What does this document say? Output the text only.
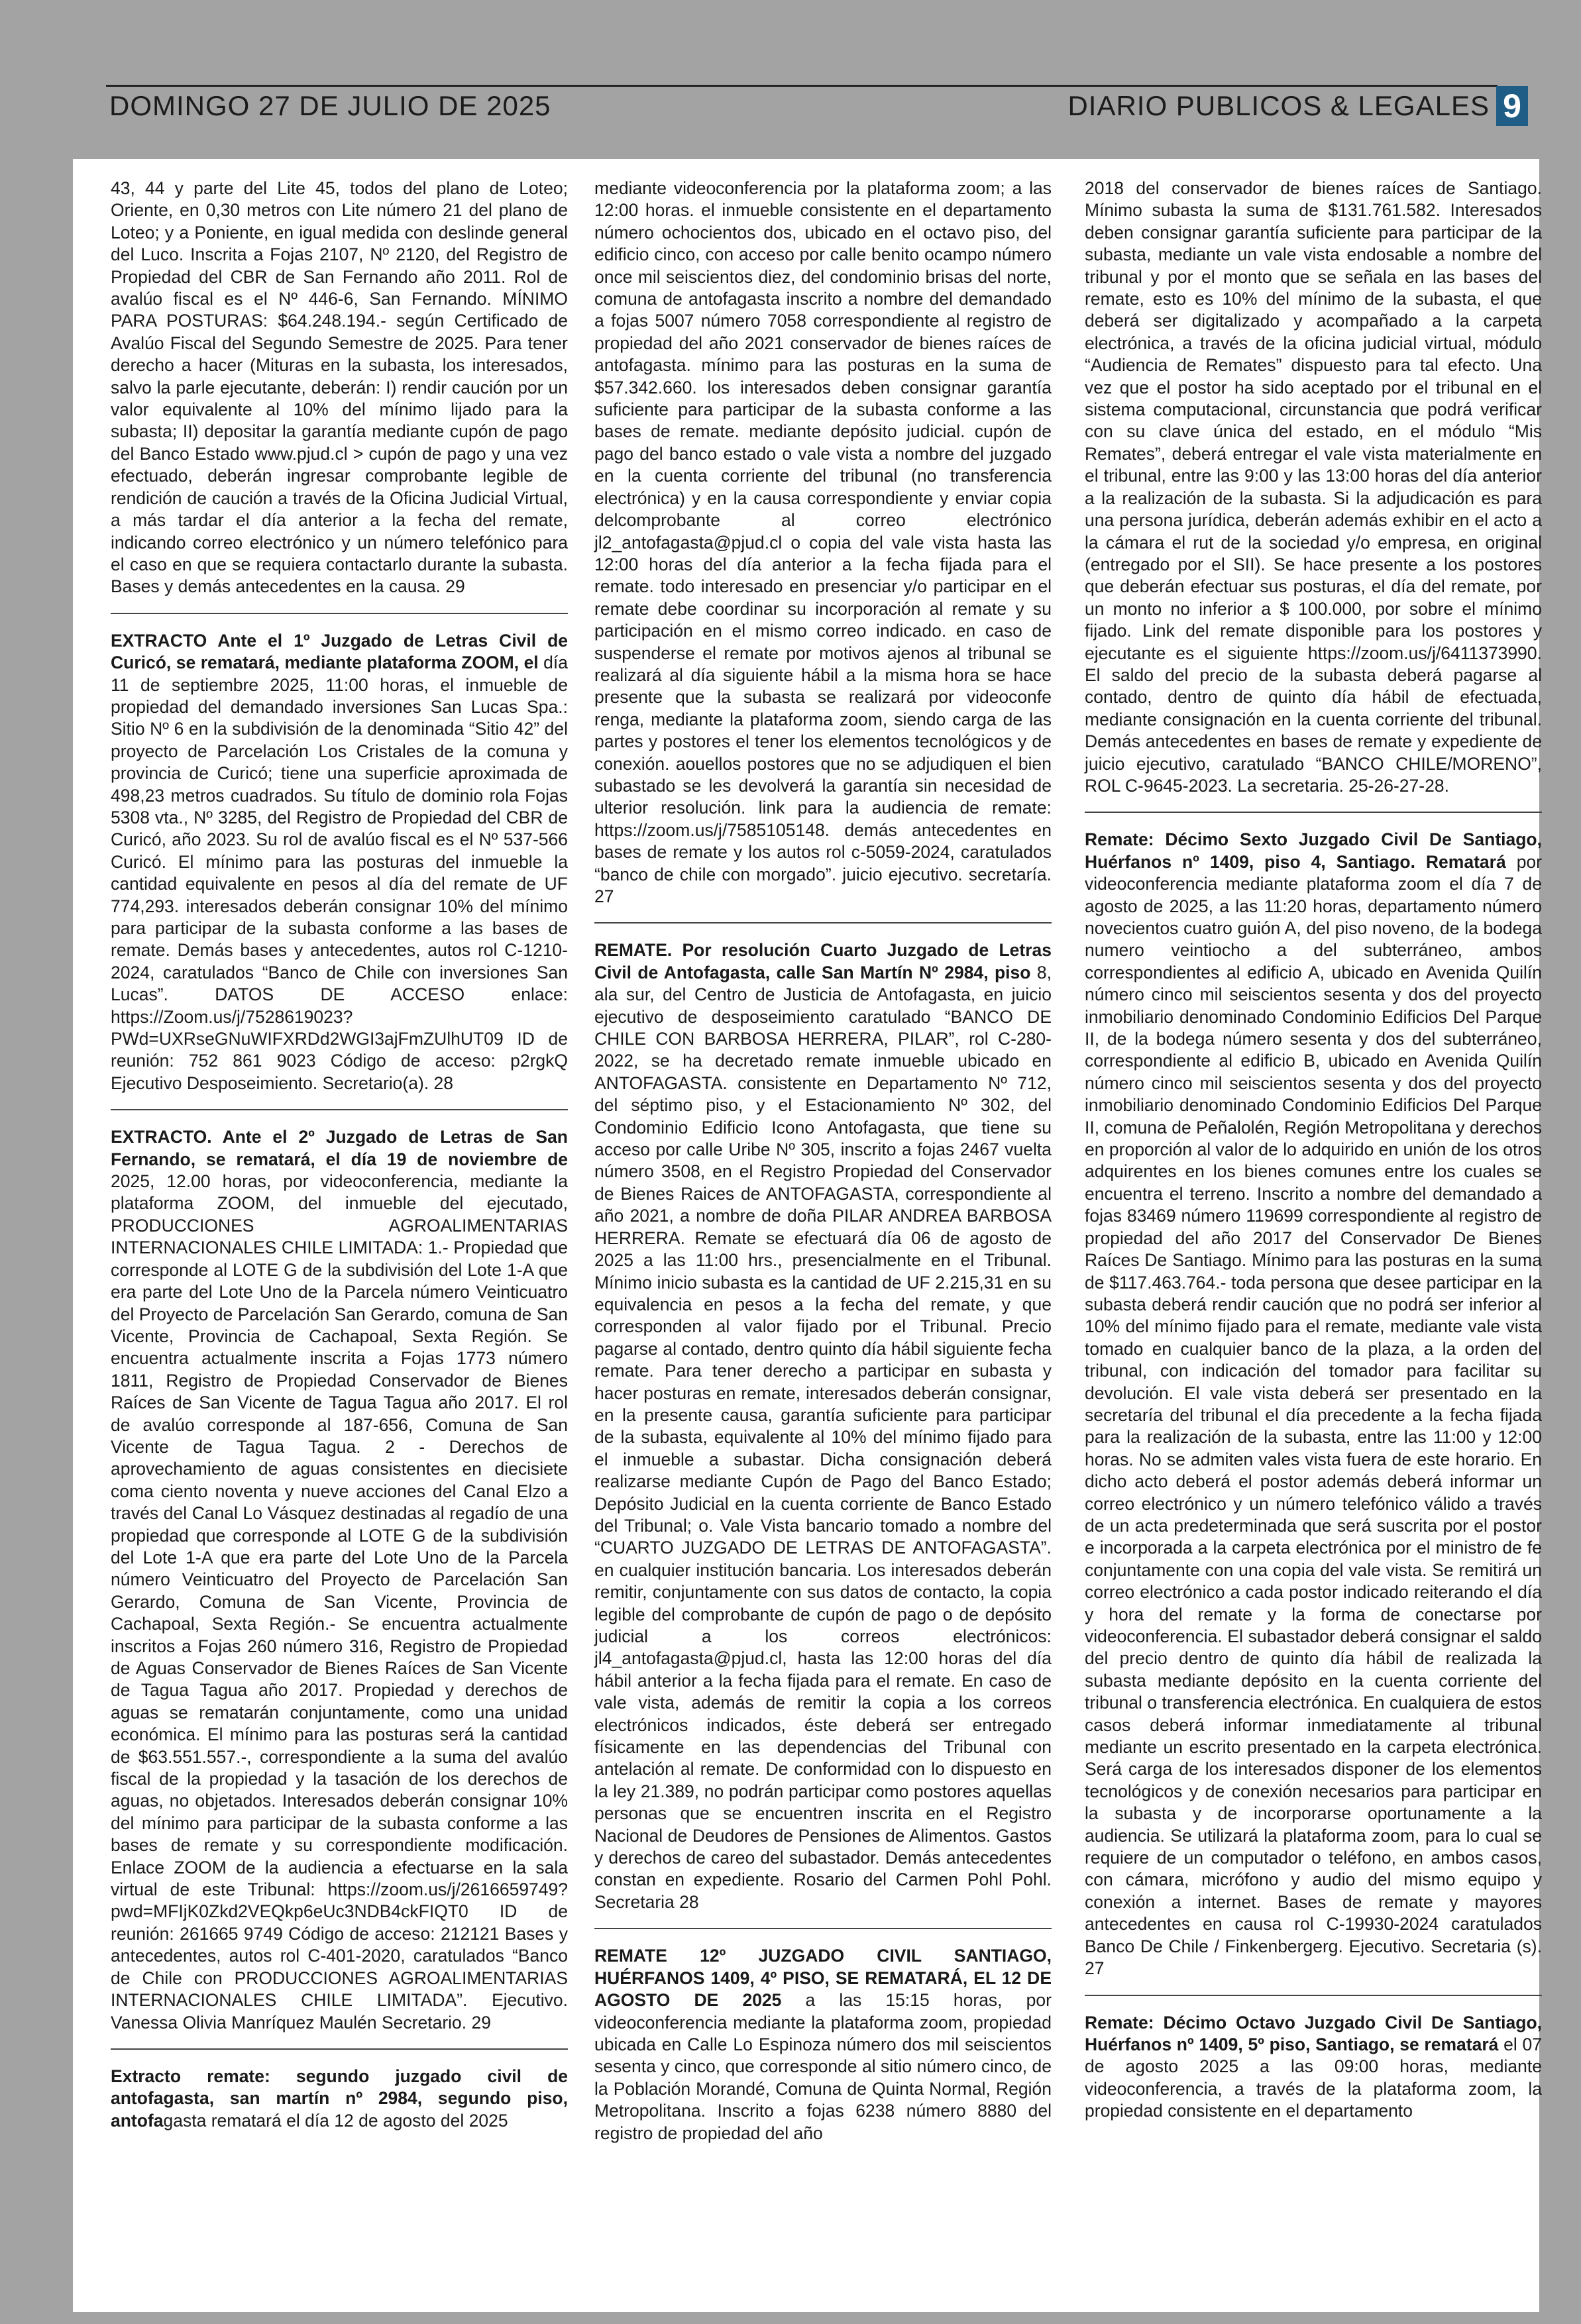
DOMINGO 27 DE JULIO DE 2025	DIARIO PUBLICOS & LEGALES 9

43, 44 y parte del Lite 45, todos del plano de Loteo; Oriente, en 0,30 metros con Lite número 21 del plano de Loteo; y a Poniente, en igual medida con deslinde general del Luco. Inscrita a Fojas 2107, Nº 2120, del Registro de Propiedad del CBR de San Fernando año 2011. Rol de avalúo fiscal es el Nº 446-6, San Fernando. MÍNIMO PARA POSTURAS: $64.248.194.- según Certificado de Avalúo Fiscal del Segundo Semestre de 2025. Para tener derecho a hacer (Mituras en la subasta, los interesados, salvo la parle ejecutante, deberán: I) rendir caución por un valor equivalente al 10% del mínimo lijado para la subasta; II) depositar la garantía mediante cupón de pago del Banco Estado www.pjud.cl > cupón de pago y una vez efectuado, deberán ingresar comprobante legible de rendición de caución a través de la Oficina Judicial Virtual, a más tardar el día anterior a la fecha del remate, indicando correo electrónico y un número telefónico para el caso en que se requiera contactarlo durante la subasta. Bases y demás antecedentes en la causa. 29

EXTRACTO Ante el 1º Juzgado de Letras Civil de Curicó, se rematará, mediante plataforma ZOOM, el día 11 de septiembre 2025, 11:00 horas, el inmueble de propiedad del demandado inversiones San Lucas Spa.: Sitio Nº 6 en la subdivisión de la denominada “Sitio 42” del proyecto de Parcelación Los Cristales de la comuna y provincia de Curicó; tiene una superficie aproximada de 498,23 metros cuadrados. Su título de dominio rola Fojas 5308 vta., Nº 3285, del Registro de Propiedad del CBR de Curicó, año 2023. Su rol de avalúo fiscal es el Nº 537-566 Curicó. El mínimo para las posturas del inmueble la cantidad equivalente en pesos al día del remate de UF 774,293. interesados deberán consignar 10% del mínimo para participar de la subasta conforme a las bases de remate. Demás bases y antecedentes, autos rol C-1210-2024, caratulados “Banco de Chile con inversiones San Lucas”. DATOS DE ACCESO enlace: https://Zoom.us/j/7528619023?PWd=UXRseGNuWIFXRDd2WGI3ajFmZUlhUT09 ID de reunión: 752 861 9023 Código de acceso: p2rgkQ Ejecutivo Desposeimiento. Secretario(a). 28

EXTRACTO. Ante el 2º Juzgado de Letras de San Fernando, se rematará, el día 19 de noviembre de 2025, 12.00 horas, por videoconferencia, mediante la plataforma ZOOM, del inmueble del ejecutado, PRODUCCIONES AGROALIMENTARIAS INTERNACIONALES CHILE LIMITADA: 1.- Propiedad que corresponde al LOTE G de la subdivisión del Lote 1-A que era parte del Lote Uno de la Parcela número Veinticuatro del Proyecto de Parcelación San Gerardo, comuna de San Vicente, Provincia de Cachapoal, Sexta Región. Se encuentra actualmente inscrita a Fojas 1773 número 1811, Registro de Propiedad Conservador de Bienes Raíces de San Vicente de Tagua Tagua año 2017. El rol de avalúo corresponde al 187-656, Comuna de San Vicente de Tagua Tagua. 2 - Derechos de aprovechamiento de aguas consistentes en diecisiete coma ciento noventa y nueve acciones del Canal Elzo a través del Canal Lo Vásquez destinadas al regadío de una propiedad que corresponde al LOTE G de la subdivisión del Lote 1-A que era parte del Lote Uno de la Parcela número Veinticuatro del Proyecto de Parcelación San Gerardo, Comuna de San Vicente, Provincia de Cachapoal, Sexta Región.- Se encuentra actualmente inscritos a Fojas 260 número 316, Registro de Propiedad de Aguas Conservador de Bienes Raíces de San Vicente de Tagua Tagua año 2017. Propiedad y derechos de aguas se rematarán conjuntamente, como una unidad económica. El mínimo para las posturas será la cantidad de $63.551.557.-, correspondiente a la suma del avalúo fiscal de la propiedad y la tasación de los derechos de aguas, no objetados. Interesados deberán consignar 10% del mínimo para participar de la subasta conforme a las bases de remate y su correspondiente modificación. Enlace ZOOM de la audiencia a efectuarse en la sala virtual de este Tribunal: https://zoom.us/j/2616659749?pwd=MFIjK0Zkd2VEQkp6eUc3NDB4ckFIQT0 ID de reunión: 261665 9749 Código de acceso: 212121 Bases y antecedentes, autos rol C-401-2020, caratulados “Banco de Chile con PRODUCCIONES AGROALIMENTARIAS INTERNACIONALES CHILE LIMITADA”. Ejecutivo. Vanessa Olivia Manríquez Maulén Secretario. 29

Extracto remate: segundo juzgado civil de antofagasta, san martín nº 2984, segundo piso, antofagasta rematará el día 12 de agosto del 2025

mediante videoconferencia por la plataforma zoom; a las 12:00 horas. el inmueble consistente en el departamento número ochocientos dos, ubicado en el octavo piso, del edificio cinco, con acceso por calle benito ocampo número once mil seiscientos diez, del condominio brisas del norte, comuna de antofagasta inscrito a nombre del demandado a fojas 5007 número 7058 correspondiente al registro de propiedad del año 2021 conservador de bienes raíces de antofagasta. mínimo para las posturas en la suma de $57.342.660. los interesados deben consignar garantía suficiente para participar de la subasta conforme a las bases de remate. mediante depósito judicial. cupón de pago del banco estado o vale vista a nombre del juzgado en la cuenta corriente del tribunal (no transferencia electrónica) y en la causa correspondiente y enviar copia delcomprobante al correo electrónico jl2_antofagasta@pjud.cl o copia del vale vista hasta las 12:00 horas del día anterior a la fecha fijada para el remate. todo interesado en presenciar y/o participar en el remate debe coordinar su incorporación al remate y su participación en el mismo correo indicado. en caso de suspenderse el remate por motivos ajenos al tribunal se realizará al día siguiente hábil a la misma hora se hace presente que la subasta se realizará por videoconfe renga, mediante la plataforma zoom, siendo carga de las partes y postores el tener los elementos tecnológicos y de conexión. aouellos postores que no se adjudiquen el bien subastado se les devolverá la garantía sin necesidad de ulterior resolución. link para la audiencia de remate: https://zoom.us/j/7585105148. demás antecedentes en bases de remate y los autos rol c-5059-2024, caratulados “banco de chile con morgado”. juicio ejecutivo. secretaría. 27

REMATE. Por resolución Cuarto Juzgado de Letras Civil de Antofagasta, calle San Martín Nº 2984, piso 8, ala sur, del Centro de Justicia de Antofagasta, en juicio ejecutivo de desposeimiento caratulado “BANCO DE CHILE CON BARBOSA HERRERA, PILAR”, rol C-280-2022, se ha decretado remate inmueble ubicado en ANTOFAGASTA. consistente en Departamento Nº 712, del séptimo piso, y el Estacionamiento Nº 302, del Condominio Edificio Icono Antofagasta, que tiene su acceso por calle Uribe Nº 305, inscrito a fojas 2467 vuelta número 3508, en el Registro Propiedad del Conservador de Bienes Raices de ANTOFAGASTA, correspondiente al año 2021, a nombre de doña PILAR ANDREA BARBOSA HERRERA. Remate se efectuará día 06 de agosto de 2025 a las 11:00 hrs., presencialmente en el Tribunal. Mínimo inicio subasta es la cantidad de UF 2.215,31 en su equivalencia en pesos a la fecha del remate, y que corresponden al valor fijado por el Tribunal. Precio pagarse al contado, dentro quinto día hábil siguiente fecha remate. Para tener derecho a participar en subasta y hacer posturas en remate, interesados deberán consignar, en la presente causa, garantía suficiente para participar de la subasta, equivalente al 10% del mínimo fijado para el inmueble a subastar. Dicha consignación deberá realizarse mediante Cupón de Pago del Banco Estado; Depósito Judicial en la cuenta corriente de Banco Estado del Tribunal; o. Vale Vista bancario tomado a nombre del “CUARTO JUZGADO DE LETRAS DE ANTOFAGASTA”. en cualquier institución bancaria. Los interesados deberán remitir, conjuntamente con sus datos de contacto, la copia legible del comprobante de cupón de pago o de depósito judicial a los correos electrónicos: jl4_antofagasta@pjud.cl, hasta las 12:00 horas del día hábil anterior a la fecha fijada para el remate. En caso de vale vista, además de remitir la copia a los correos electrónicos indicados, éste deberá ser entregado físicamente en las dependencias del Tribunal con antelación al remate. De conformidad con lo dispuesto en la ley 21.389, no podrán participar como postores aquellas personas que se encuentren inscrita en el Registro Nacional de Deudores de Pensiones de Alimentos. Gastos y derechos de careo del subastador. Demás antecedentes constan en expediente. Rosario del Carmen Pohl Pohl. Secretaria 28

REMATE 12º JUZGADO CIVIL SANTIAGO, HUÉRFANOS 1409, 4º PISO, SE REMATARÁ, EL 12 DE AGOSTO DE 2025 a las 15:15 horas, por videoconferencia mediante la plataforma zoom, propiedad ubicada en Calle Lo Espinoza número dos mil seiscientos sesenta y cinco, que corresponde al sitio número cinco, de la Población Morandé, Comuna de Quinta Normal, Región Metropolitana. Inscrito a fojas 6238 número 8880 del registro de propiedad del año

2018 del conservador de bienes raíces de Santiago. Mínimo subasta la suma de $131.761.582. Interesados deben consignar garantía suficiente para participar de la subasta, mediante un vale vista endosable a nombre del tribunal y por el monto que se señala en las bases del remate, esto es 10% del mínimo de la subasta, el que deberá ser digitalizado y acompañado a la carpeta electrónica, a través de la oficina judicial virtual, módulo “Audiencia de Remates” dispuesto para tal efecto. Una vez que el postor ha sido aceptado por el tribunal en el sistema computacional, circunstancia que podrá verificar con su clave única del estado, en el módulo “Mis Remates”, deberá entregar el vale vista materialmente en el tribunal, entre las 9:00 y las 13:00 horas del día anterior a la realización de la subasta. Si la adjudicación es para una persona jurídica, deberán además exhibir en el acto a la cámara el rut de la sociedad y/o empresa, en original (entregado por el SII). Se hace presente a los postores que deberán efectuar sus posturas, el día del remate, por un monto no inferior a $ 100.000, por sobre el mínimo fijado. Link del remate disponible para los postores y ejecutante es el siguiente https://zoom.us/j/6411373990. El saldo del precio de la subasta deberá pagarse al contado, dentro de quinto día hábil de efectuada, mediante consignación en la cuenta corriente del tribunal. Demás antecedentes en bases de remate y expediente de juicio ejecutivo, caratulado “BANCO CHILE/MORENO”, ROL C-9645-2023. La secretaria. 25-26-27-28.

Remate: Décimo Sexto Juzgado Civil De Santiago, Huérfanos nº 1409, piso 4, Santiago. Rematará por videoconferencia mediante plataforma zoom el día 7 de agosto de 2025, a las 11:20 horas, departamento número novecientos cuatro guión A, del piso noveno, de la bodega numero veintiocho a del subterráneo, ambos correspondientes al edificio A, ubicado en Avenida Quilín número cinco mil seiscientos sesenta y dos del proyecto inmobiliario denominado Condominio Edificios Del Parque II, de la bodega número sesenta y dos del subterráneo, correspondiente al edificio B, ubicado en Avenida Quilín número cinco mil seiscientos sesenta y dos del proyecto inmobiliario denominado Condominio Edificios Del Parque II, comuna de Peñalolén, Región Metropolitana y derechos en proporción al valor de lo adquirido en unión de los otros adquirentes en los bienes comunes entre los cuales se encuentra el terreno. Inscrito a nombre del demandado a fojas 83469 número 119699 correspondiente al registro de propiedad del año 2017 del Conservador De Bienes Raíces De Santiago. Mínimo para las posturas en la suma de $117.463.764.- toda persona que desee participar en la subasta deberá rendir caución que no podrá ser inferior al 10% del mínimo fijado para el remate, mediante vale vista tomado en cualquier banco de la plaza, a la orden del tribunal, con indicación del tomador para facilitar su devolución. El vale vista deberá ser presentado en la secretaría del tribunal el día precedente a la fecha fijada para la realización de la subasta, entre las 11:00 y 12:00 horas. No se admiten vales vista fuera de este horario. En dicho acto deberá el postor además deberá informar un correo electrónico y un número telefónico válido a través de un acta predeterminada que será suscrita por el postor e incorporada a la carpeta electrónica por el ministro de fe conjuntamente con una copia del vale vista. Se remitirá un correo electrónico a cada postor indicado reiterando el día y hora del remate y la forma de conectarse por videoconferencia. El subastador deberá consignar el saldo del precio dentro de quinto día hábil de realizada la subasta mediante depósito en la cuenta corriente del tribunal o transferencia electrónica. En cualquiera de estos casos deberá informar inmediatamente al tribunal mediante un escrito presentado en la carpeta electrónica. Será carga de los interesados disponer de los elementos tecnológicos y de conexión necesarios para participar en la subasta y de incorporarse oportunamente a la audiencia. Se utilizará la plataforma zoom, para lo cual se requiere de un computador o teléfono, en ambos casos, con cámara, micrófono y audio del mismo equipo y conexión a internet. Bases de remate y mayores antecedentes en causa rol C-19930-2024 caratulados Banco De Chile / Finkenbergerg. Ejecutivo. Secretaria (s). 27

Remate: Décimo Octavo Juzgado Civil De Santiago, Huérfanos nº 1409, 5º piso, Santiago, se rematará el 07 de agosto 2025 a las 09:00 horas, mediante videoconferencia, a través de la plataforma zoom, la propiedad consistente en el departamento
